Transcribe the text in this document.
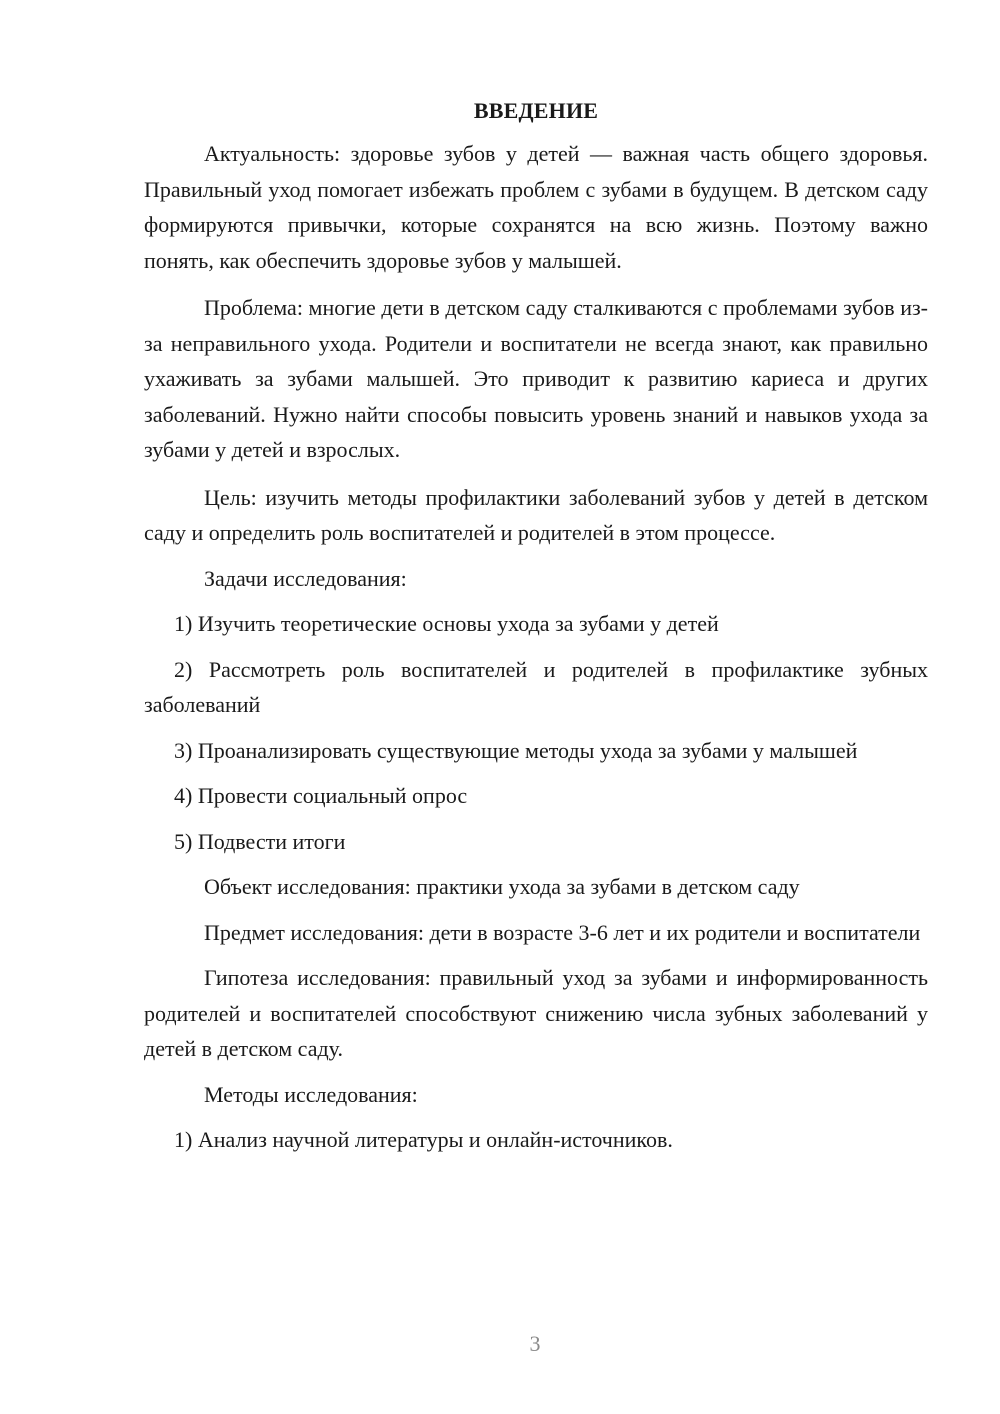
ВВЕДЕНИЕ

Актуальность: здоровье зубов у детей — важная часть общего здоровья. Правильный уход помогает избежать проблем с зубами в будущем. В детском саду формируются привычки, которые сохранятся на всю жизнь. Поэтому важно понять, как обеспечить здоровье зубов у малышей.

Проблема: многие дети в детском саду сталкиваются с проблемами зубов из-за неправильного ухода. Родители и воспитатели не всегда знают, как правильно ухаживать за зубами малышей. Это приводит к развитию кариеса и других заболеваний. Нужно найти способы повысить уровень знаний и навыков ухода за зубами у детей и взрослых.

Цель: изучить методы профилактики заболеваний зубов у детей в детском саду и определить роль воспитателей и родителей в этом процессе.

Задачи исследования:

1) Изучить теоретические основы ухода за зубами у детей

2) Рассмотреть роль воспитателей и родителей в профилактике зубных заболеваний

3) Проанализировать существующие методы ухода за зубами у малышей

4) Провести социальный опрос

5) Подвести итоги

Объект исследования: практики ухода за зубами в детском саду

Предмет исследования: дети в возрасте 3-6 лет и их родители и воспитатели

Гипотеза исследования: правильный уход за зубами и информированность родителей и воспитателей способствуют снижению числа зубных заболеваний у детей в детском саду.

Методы исследования:

1) Анализ научной литературы и онлайн-источников.

3
